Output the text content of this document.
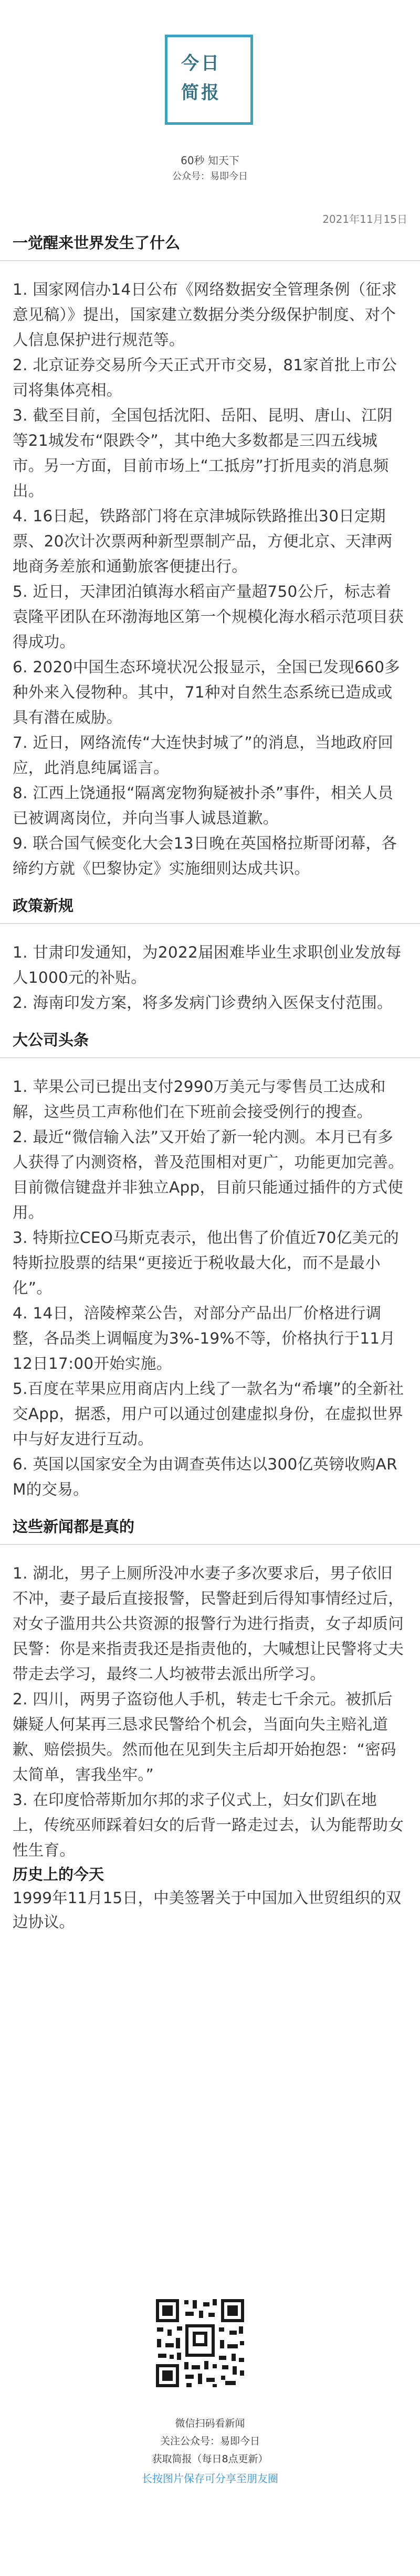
今日
简报
60秒 知天下
公众号：易即今日
2021年11月15日
一觉醒来世界发生了什么

1. 国家网信办14日公布《网络数据安全管理条例（征求意见稿）》提出，国家建立数据分类分级保护制度、对个人信息保护进行规范等。

2. 北京证券交易所今天正式开市交易，81家首批上市公司将集体亮相。

3. 截至目前，全国包括沈阳、岳阳、昆明、唐山、江阴等21城发布“限跌令”，其中绝大多数都是三四五线城市。另一方面，目前市场上“工抵房”打折甩卖的消息频出。

4. 16日起，铁路部门将在京津城际铁路推出30日定期票、20次计次票两种新型票制产品，方便北京、天津两地商务差旅和通勤旅客便捷出行。

5. 近日，天津团泊镇海水稻亩产量超750公斤，标志着袁隆平团队在环渤海地区第一个规模化海水稻示范项目获得成功。

6. 2020中国生态环境状况公报显示，全国已发现660多种外来入侵物种。其中，71种对自然生态系统已造成或具有潜在威胁。

7. 近日，网络流传“大连快封城了”的消息，当地政府回应，此消息纯属谣言。

8. 江西上饶通报“隔离宠物狗疑被扑杀”事件，相关人员已被调离岗位，并向当事人诚恳道歉。

9. 联合国气候变化大会13日晚在英国格拉斯哥闭幕，各缔约方就《巴黎协定》实施细则达成共识。

政策新规

1. 甘肃印发通知，为2022届困难毕业生求职创业发放每人1000元的补贴。

2. 海南印发方案，将多发病门诊费纳入医保支付范围。

大公司头条

1. 苹果公司已提出支付2990万美元与零售员工达成和解，这些员工声称他们在下班前会接受例行的搜查。

2. 最近“微信输入法”又开始了新一轮内测。本月已有多人获得了内测资格，普及范围相对更广，功能更加完善。目前微信键盘并非独立App，目前只能通过插件的方式使用。

3. 特斯拉CEO马斯克表示，他出售了价值近70亿美元的特斯拉股票的结果“更接近于税收最大化，而不是最小化”。

4. 14日，涪陵榨菜公告，对部分产品出厂价格进行调整，各品类上调幅度为3%-19%不等，价格执行于11月12日17:00开始实施。

5.百度在苹果应用商店内上线了一款名为“希壤”的全新社交App，据悉，用户可以通过创建虚拟身份，在虚拟世界中与好友进行互动。

6. 英国以国家安全为由调查英伟达以300亿英镑收购ARM的交易。

这些新闻都是真的

1. 湖北，男子上厕所没冲水妻子多次要求后，男子依旧不冲，妻子最后直接报警，民警赶到后得知事情经过后，对女子滥用共公共资源的报警行为进行指责，女子却质问民警：你是来指责我还是指责他的，大喊想让民警将丈夫带走去学习，最终二人均被带去派出所学习。

2. 四川，两男子盗窃他人手机，转走七千余元。被抓后嫌疑人何某再三恳求民警给个机会，当面向失主赔礼道歉、赔偿损失。然而他在见到失主后却开始抱怨：“密码太简单，害我坐牢。”

3. 在印度恰蒂斯加尔邦的求子仪式上，妇女们趴在地上，传统巫师踩着妇女的后背一路走过去，认为能帮助女性生育。

历史上的今天
1999年11月15日，中美签署关于中国加入世贸组织的双边协议。
微信扫码看新闻
关注公众号：易即今日
获取简报（每日8点更新）
长按图片保存可分享至朋友圈
